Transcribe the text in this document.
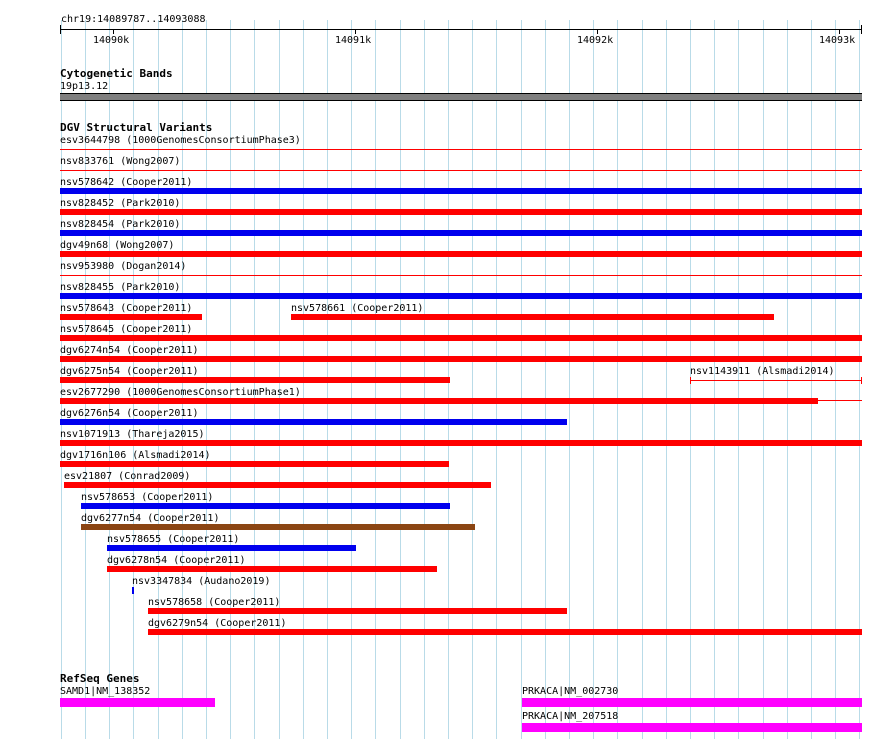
chr19:14089787..14093088
14090k	14091k	14092k	14093k
Cytogenetic Bands
19p13.12
DGV Structural Variants
esv3644798 (1000GenomesConsortiumPhase3)
nsv833761 (Wong2007)
nsv578642 (Cooper2011)
nsv828452 (Park2010)
nsv828454 (Park2010)
dgv49n68 (Wong2007)
nsv953980 (Dogan2014)
nsv828455 (Park2010)
nsv578643 (Cooper2011)	nsv578661 (Cooper2011)
nsv578645 (Cooper2011)
dgv6274n54 (Cooper2011)
dgv6275n54 (Cooper2011)	nsv1143911 (Alsmadi2014)
esv2677290 (1000GenomesConsortiumPhase1)
dgv6276n54 (Cooper2011)
nsv1071913 (Thareja2015)
dgv1716n106 (Alsmadi2014)
esv21807 (Conrad2009)
nsv578653 (Cooper2011)
dgv6277n54 (Cooper2011)
nsv578655 (Cooper2011)
dgv6278n54 (Cooper2011)
nsv3347834 (Audano2019)
nsv578658 (Cooper2011)
dgv6279n54 (Cooper2011)
RefSeq Genes
SAMD1|NM_138352	PRKACA|NM_002730
PRKACA|NM_207518
